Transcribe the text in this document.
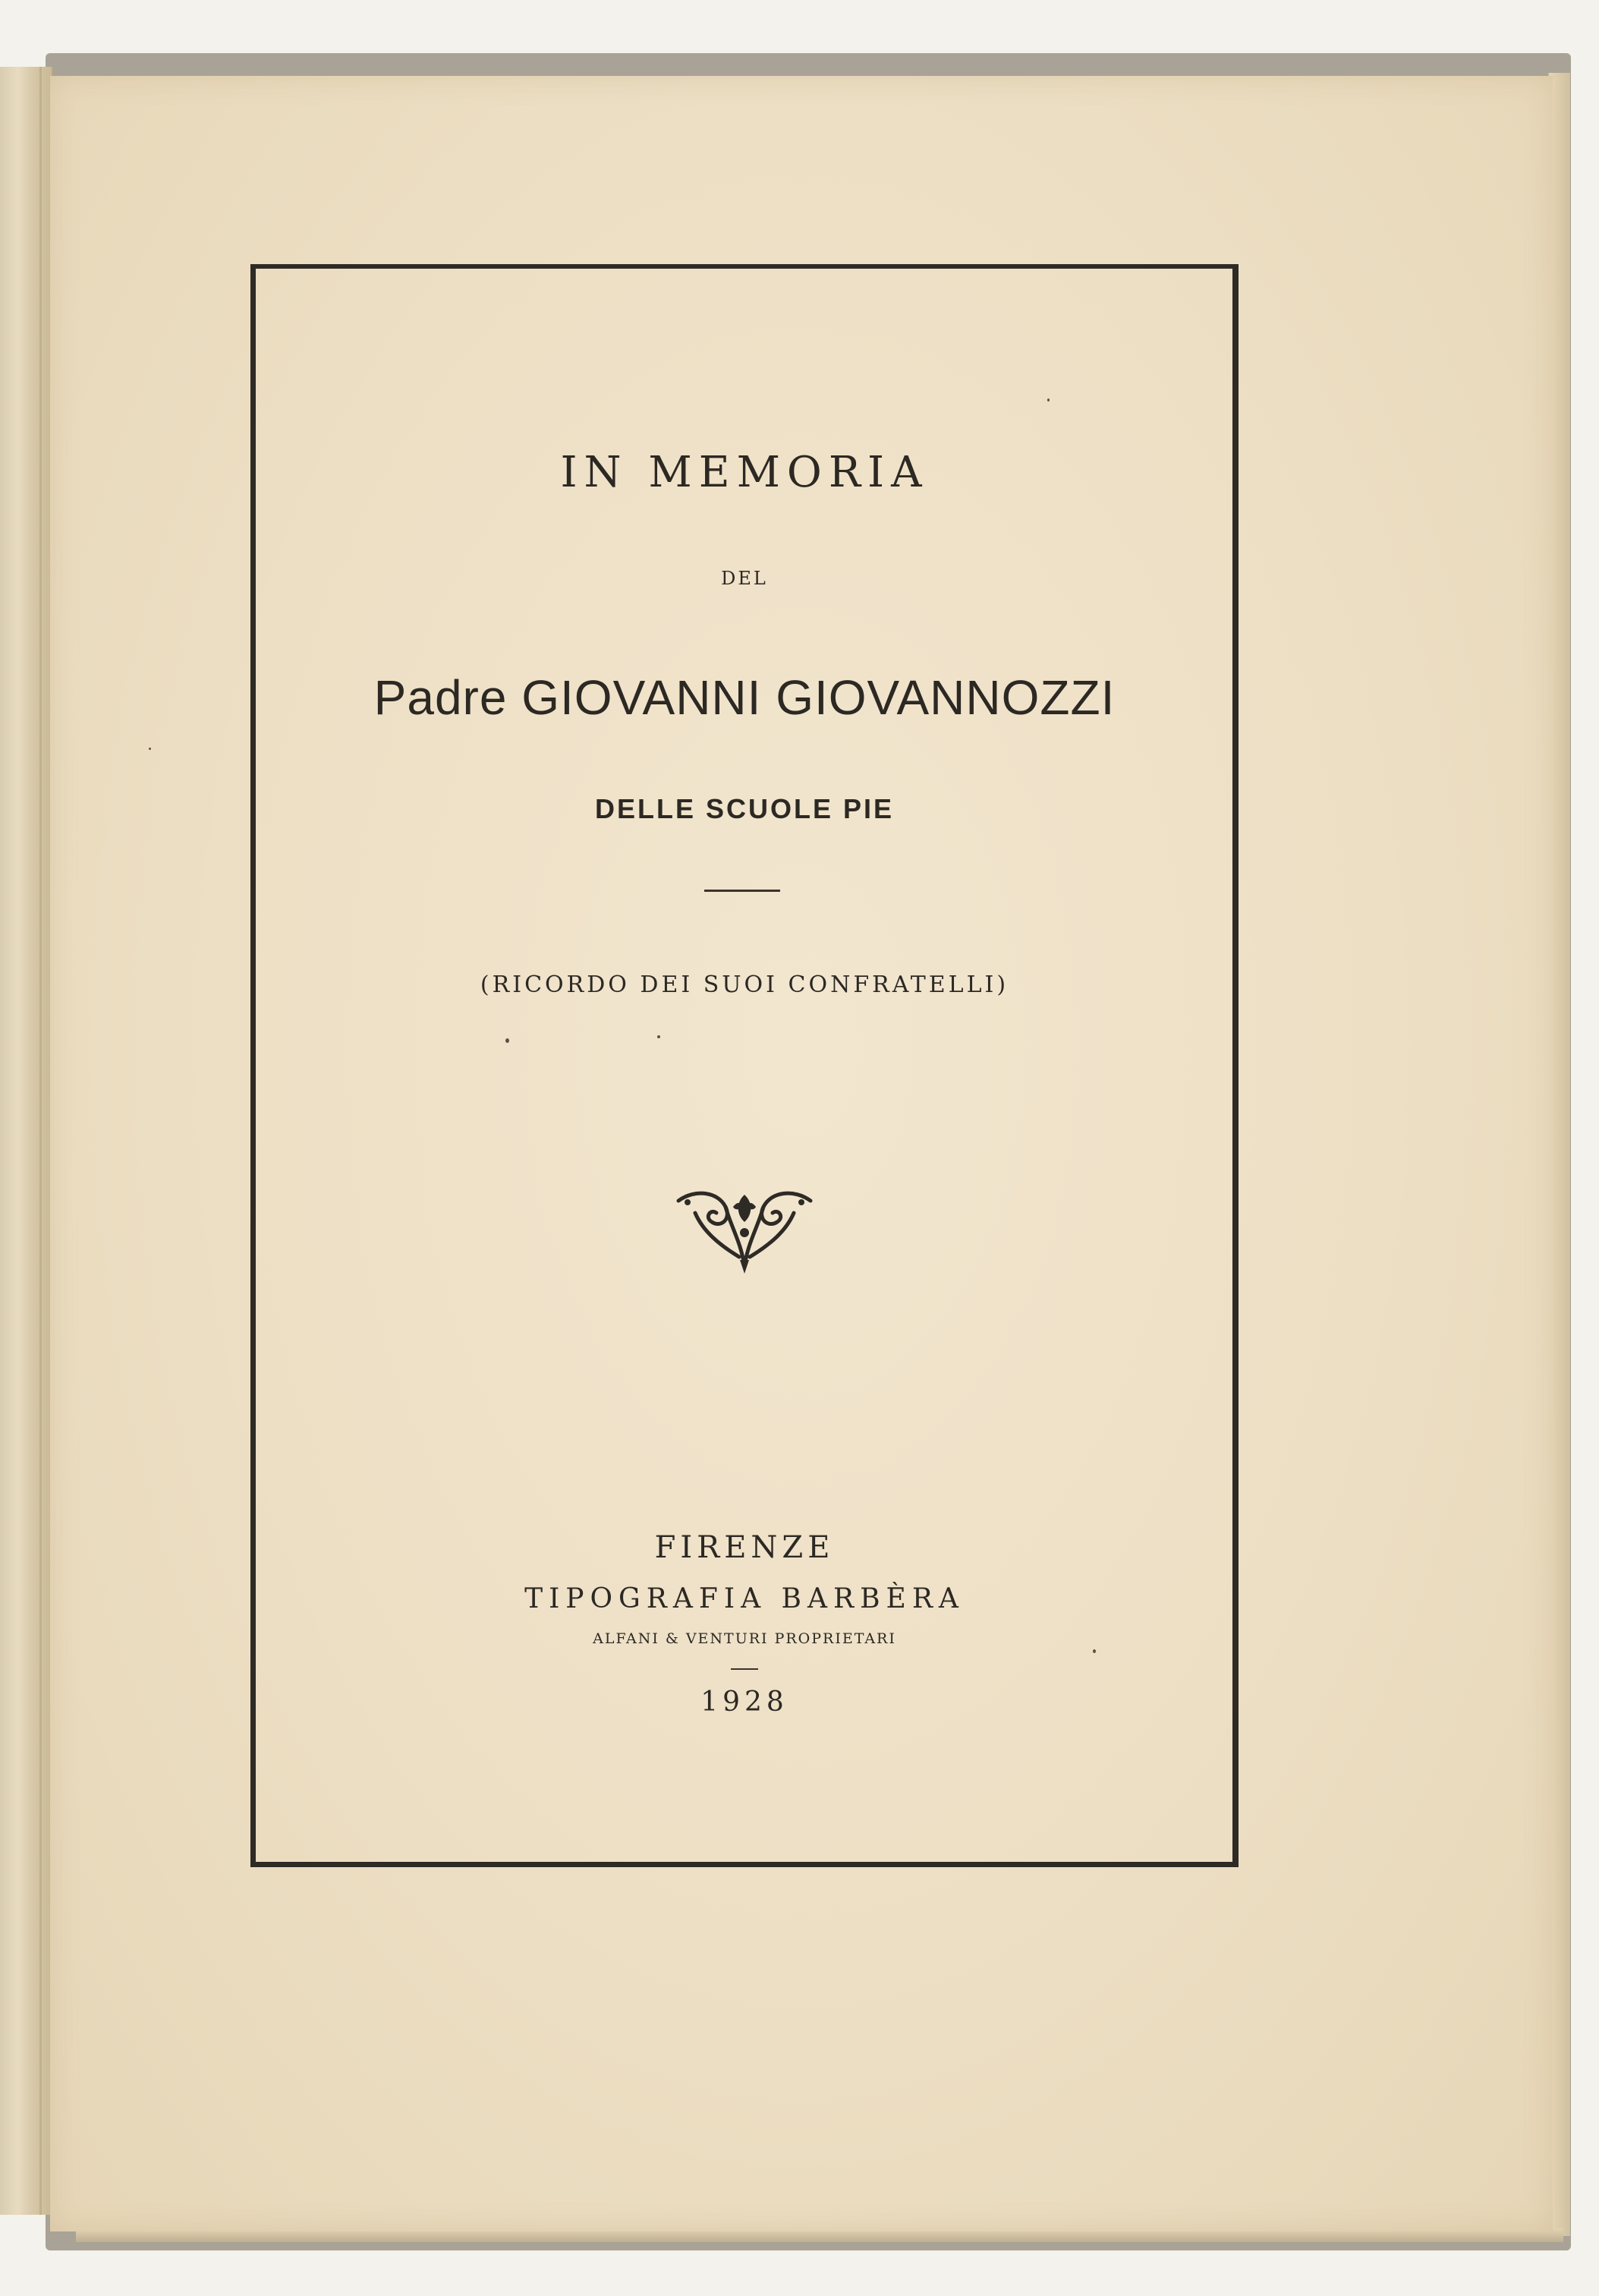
IN MEMORIA
DEL
Padre GIOVANNI GIOVANNOZZI
DELLE SCUOLE PIE
(RICORDO DEI SUOI CONFRATELLI)
FIRENZE
TIPOGRAFIA BARBÈRA
ALFANI & VENTURI PROPRIETARI
1928
